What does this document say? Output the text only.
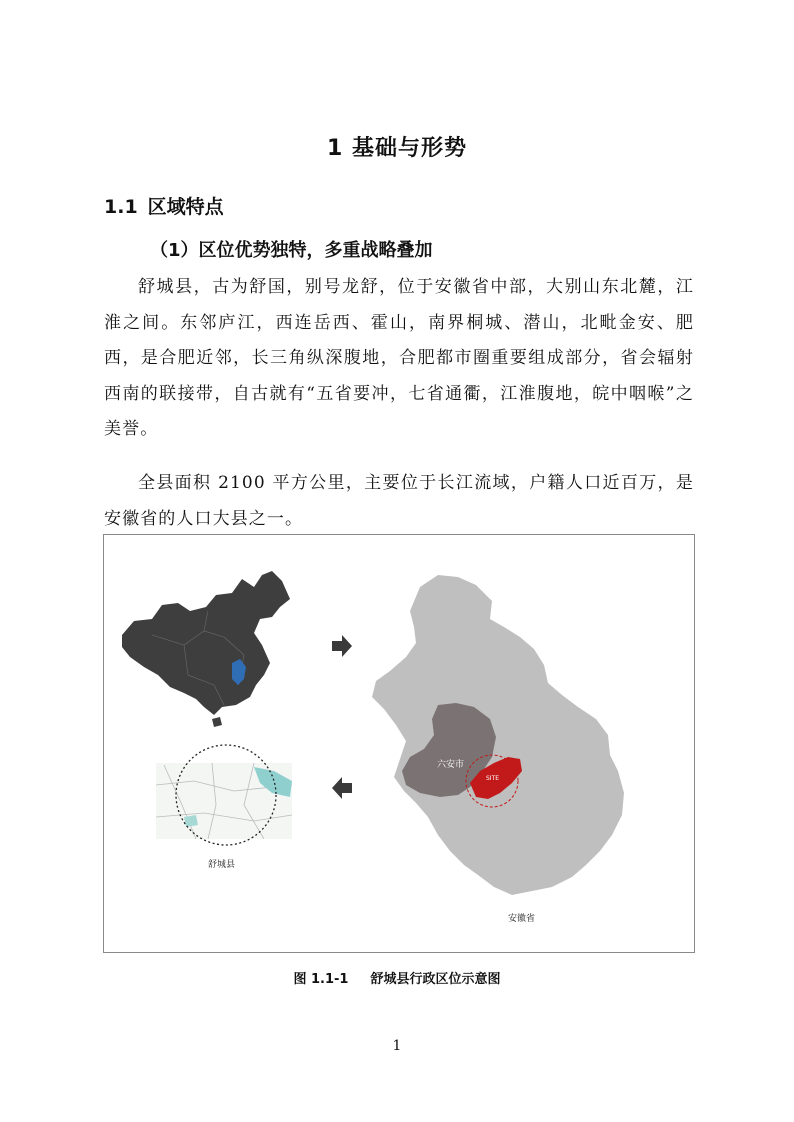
1 基础与形势
1.1 区域特点
（1）区位优势独特，多重战略叠加

舒城县，古为舒国，别号龙舒，位于安徽省中部，大别山东北麓，江淮之间。东邻庐江，西连岳西、霍山，南界桐城、潜山，北毗金安、肥西，是合肥近邻，长三角纵深腹地，合肥都市圈重要组成部分，省会辐射西南的联接带，自古就有“五省要冲，七省通衢，江淮腹地，皖中咽喉”之美誉。

全县面积 2100 平方公里，主要位于长江流域，户籍人口近百万，是安徽省的人口大县之一。

舒城县
安徽省
六安市
SITE
图 1.1-1 舒城县行政区位示意图
1
